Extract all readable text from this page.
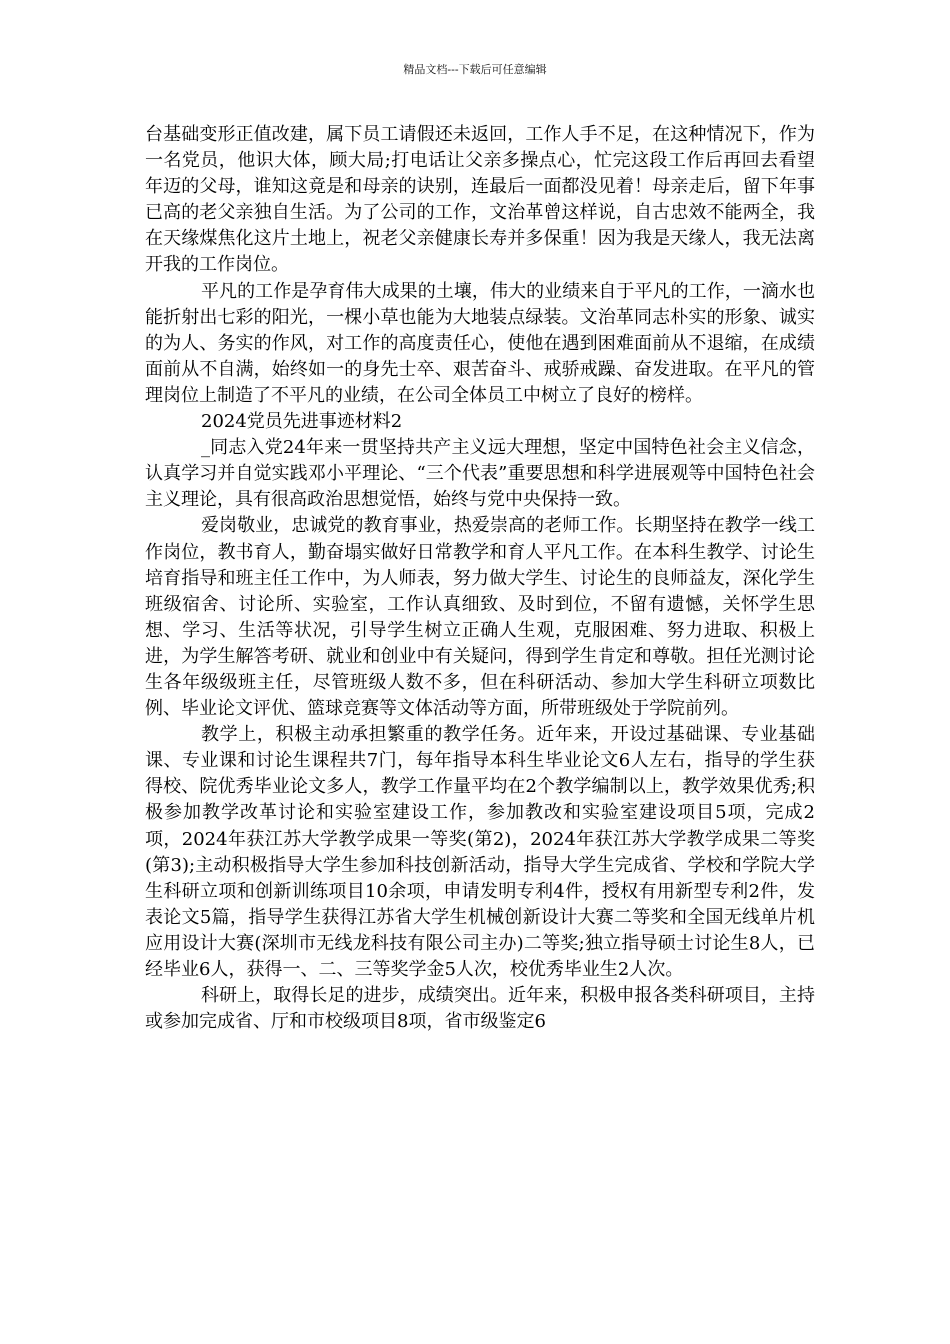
精品文档---下载后可任意编辑

台基础变形正值改建，属下员工请假还未返回，工作人手不足，在这种情况下，作为一名党员，他识大体，顾大局;打电话让父亲多操点心，忙完这段工作后再回去看望年迈的父母，谁知这竟是和母亲的诀别，连最后一面都没见着！母亲走后，留下年事已高的老父亲独自生活。为了公司的工作，文治革曾这样说，自古忠效不能两全，我在天缘煤焦化这片土地上，祝老父亲健康长寿并多保重！因为我是天缘人，我无法离开我的工作岗位。

平凡的工作是孕育伟大成果的土壤，伟大的业绩来自于平凡的工作，一滴水也能折射出七彩的阳光，一棵小草也能为大地装点绿装。文治革同志朴实的形象、诚实的为人、务实的作风，对工作的高度责任心，使他在遇到困难面前从不退缩，在成绩面前从不自满，始终如一的身先士卒、艰苦奋斗、戒骄戒躁、奋发进取。在平凡的管理岗位上制造了不平凡的业绩，在公司全体员工中树立了良好的榜样。

2024党员先进事迹材料2

_同志入党24年来一贯坚持共产主义远大理想，坚定中国特色社会主义信念，认真学习并自觉实践邓小平理论、“三个代表”重要思想和科学进展观等中国特色社会主义理论，具有很高政治思想觉悟，始终与党中央保持一致。

爱岗敬业，忠诚党的教育事业，热爱崇高的老师工作。长期坚持在教学一线工作岗位，教书育人，勤奋塌实做好日常教学和育人平凡工作。在本科生教学、讨论生培育指导和班主任工作中，为人师表，努力做大学生、讨论生的良师益友，深化学生班级宿舍、讨论所、实验室，工作认真细致、及时到位，不留有遗憾，关怀学生思想、学习、生活等状况，引导学生树立正确人生观，克服困难、努力进取、积极上进，为学生解答考研、就业和创业中有关疑问，得到学生肯定和尊敬。担任光测讨论生各年级级班主任，尽管班级人数不多，但在科研活动、参加大学生科研立项数比例、毕业论文评优、篮球竞赛等文体活动等方面，所带班级处于学院前列。

教学上，积极主动承担繁重的教学任务。近年来，开设过基础课、专业基础课、专业课和讨论生课程共7门，每年指导本科生毕业论文6人左右，指导的学生获得校、院优秀毕业论文多人，教学工作量平均在2个教学编制以上，教学效果优秀;积极参加教学改革讨论和实验室建设工作，参加教改和实验室建设项目5项，完成2项，2024年获江苏大学教学成果一等奖(第2)，2024年获江苏大学教学成果二等奖(第3);主动积极指导大学生参加科技创新活动，指导大学生完成省、学校和学院大学生科研立项和创新训练项目10余项，申请发明专利4件，授权有用新型专利2件，发表论文5篇，指导学生获得江苏省大学生机械创新设计大赛二等奖和全国无线单片机应用设计大赛(深圳市无线龙科技有限公司主办)二等奖;独立指导硕士讨论生8人，已经毕业6人，获得一、二、三等奖学金5人次，校优秀毕业生2人次。

科研上，取得长足的进步，成绩突出。近年来，积极申报各类科研项目，主持或参加完成省、厅和市校级项目8项，省市级鉴定6
